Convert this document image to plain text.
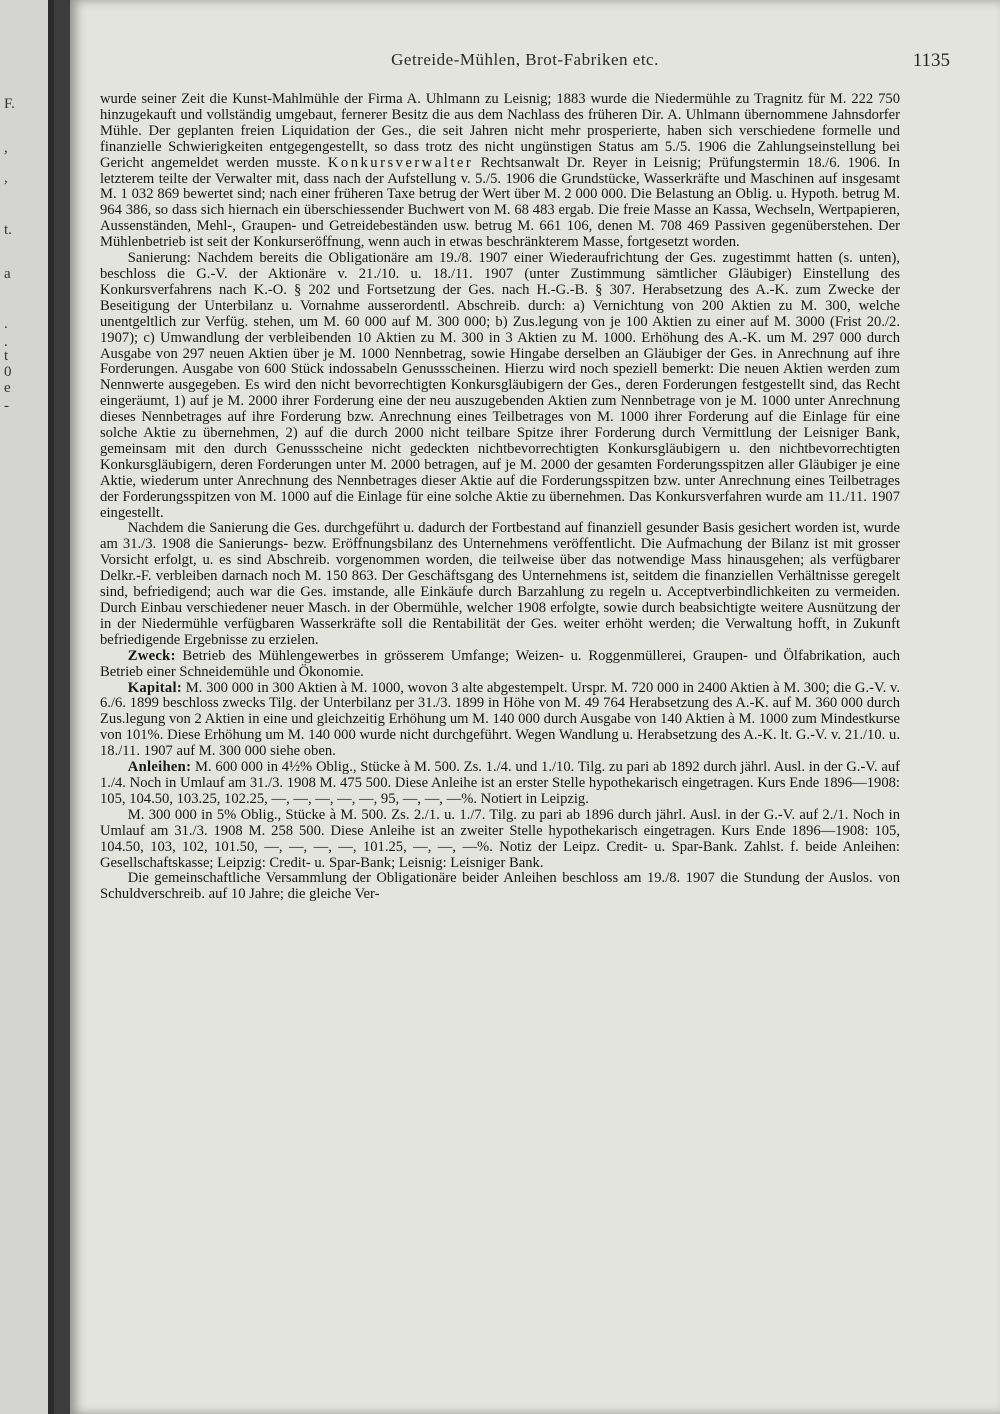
F.
,
,
t.
a
.
.
t
0
e
-
Getreide-Mühlen, Brot-Fabriken etc.	1135

wurde seiner Zeit die Kunst-Mahlmühle der Firma A. Uhlmann zu Leisnig; 1883 wurde die Niedermühle zu Tragnitz für M. 222 750 hinzugekauft und vollständig umgebaut, fernerer Besitz die aus dem Nachlass des früheren Dir. A. Uhlmann übernommene Jahnsdorfer Mühle. Der geplanten freien Liquidation der Ges., die seit Jahren nicht mehr prosperierte, haben sich verschiedene formelle und finanzielle Schwierigkeiten entgegengestellt, so dass trotz des nicht ungünstigen Status am 5./5. 1906 die Zahlungseinstellung bei Gericht angemeldet werden musste. Konkursverwalter Rechtsanwalt Dr. Reyer in Leisnig; Prüfungstermin 18./6. 1906. In letzterem teilte der Verwalter mit, dass nach der Aufstellung v. 5./5. 1906 die Grundstücke, Wasserkräfte und Maschinen auf insgesamt M. 1 032 869 bewertet sind; nach einer früheren Taxe betrug der Wert über M. 2 000 000. Die Belastung an Oblig. u. Hypoth. betrug M. 964 386, so dass sich hiernach ein überschiessender Buchwert von M. 68 483 ergab. Die freie Masse an Kassa, Wechseln, Wertpapieren, Aussenständen, Mehl-, Graupen- und Getreidebeständen usw. betrug M. 661 106, denen M. 708 469 Passiven gegenüberstehen. Der Mühlenbetrieb ist seit der Konkurseröffnung, wenn auch in etwas beschränkterem Masse, fortgesetzt worden.

Sanierung: Nachdem bereits die Obligationäre am 19./8. 1907 einer Wiederaufrichtung der Ges. zugestimmt hatten (s. unten), beschloss die G.-V. der Aktionäre v. 21./10. u. 18./11. 1907 (unter Zustimmung sämtlicher Gläubiger) Einstellung des Konkursverfahrens nach K.-O. § 202 und Fortsetzung der Ges. nach H.-G.-B. § 307. Herabsetzung des A.-K. zum Zwecke der Beseitigung der Unterbilanz u. Vornahme ausserordentl. Abschreib. durch: a) Vernichtung von 200 Aktien zu M. 300, welche unentgeltlich zur Verfüg. stehen, um M. 60 000 auf M. 300 000; b) Zus.legung von je 100 Aktien zu einer auf M. 3000 (Frist 20./2. 1907); c) Umwandlung der verbleibenden 10 Aktien zu M. 300 in 3 Aktien zu M. 1000. Erhöhung des A.-K. um M. 297 000 durch Ausgabe von 297 neuen Aktien über je M. 1000 Nennbetrag, sowie Hingabe derselben an Gläubiger der Ges. in Anrechnung auf ihre Forderungen. Ausgabe von 600 Stück indossabeln Genussscheinen. Hierzu wird noch speziell bemerkt: Die neuen Aktien werden zum Nennwerte ausgegeben. Es wird den nicht bevorrechtigten Konkursgläubigern der Ges., deren Forderungen festgestellt sind, das Recht eingeräumt, 1) auf je M. 2000 ihrer Forderung eine der neu auszugebenden Aktien zum Nennbetrage von je M. 1000 unter Anrechnung dieses Nennbetrages auf ihre Forderung bzw. Anrechnung eines Teilbetrages von M. 1000 ihrer Forderung auf die Einlage für eine solche Aktie zu übernehmen, 2) auf die durch 2000 nicht teilbare Spitze ihrer Forderung durch Vermittlung der Leisniger Bank, gemeinsam mit den durch Genussscheine nicht gedeckten nichtbevorrechtigten Konkursgläubigern u. den nichtbevorrechtigten Konkursgläubigern, deren Forderungen unter M. 2000 betragen, auf je M. 2000 der gesamten Forderungsspitzen aller Gläubiger je eine Aktie, wiederum unter Anrechnung des Nennbetrages dieser Aktie auf die Forderungsspitzen bzw. unter Anrechnung eines Teilbetrages der Forderungsspitzen von M. 1000 auf die Einlage für eine solche Aktie zu übernehmen. Das Konkursverfahren wurde am 11./11. 1907 eingestellt.

Nachdem die Sanierung die Ges. durchgeführt u. dadurch der Fortbestand auf finanziell gesunder Basis gesichert worden ist, wurde am 31./3. 1908 die Sanierungs- bezw. Eröffnungsbilanz des Unternehmens veröffentlicht. Die Aufmachung der Bilanz ist mit grosser Vorsicht erfolgt, u. es sind Abschreib. vorgenommen worden, die teilweise über das notwendige Mass hinausgehen; als verfügbarer Delkr.-F. verbleiben darnach noch M. 150 863. Der Geschäftsgang des Unternehmens ist, seitdem die finanziellen Verhältnisse geregelt sind, befriedigend; auch war die Ges. imstande, alle Einkäufe durch Barzahlung zu regeln u. Acceptverbindlichkeiten zu vermeiden. Durch Einbau verschiedener neuer Masch. in der Obermühle, welcher 1908 erfolgte, sowie durch beabsichtigte weitere Ausnützung der in der Niedermühle verfügbaren Wasserkräfte soll die Rentabilität der Ges. weiter erhöht werden; die Verwaltung hofft, in Zukunft befriedigende Ergebnisse zu erzielen.

Zweck: Betrieb des Mühlengewerbes in grösserem Umfange; Weizen- u. Roggenmüllerei, Graupen- und Ölfabrikation, auch Betrieb einer Schneidemühle und Ökonomie.

Kapital: M. 300 000 in 300 Aktien à M. 1000, wovon 3 alte abgestempelt. Urspr. M. 720 000 in 2400 Aktien à M. 300; die G.-V. v. 6./6. 1899 beschloss zwecks Tilg. der Unterbilanz per 31./3. 1899 in Höhe von M. 49 764 Herabsetzung des A.-K. auf M. 360 000 durch Zus.legung von 2 Aktien in eine und gleichzeitig Erhöhung um M. 140 000 durch Ausgabe von 140 Aktien à M. 1000 zum Mindestkurse von 101%. Diese Erhöhung um M. 140 000 wurde nicht durchgeführt. Wegen Wandlung u. Herabsetzung des A.-K. lt. G.-V. v. 21./10. u. 18./11. 1907 auf M. 300 000 siehe oben.

Anleihen: M. 600 000 in 4½% Oblig., Stücke à M. 500. Zs. 1./4. und 1./10. Tilg. zu pari ab 1892 durch jährl. Ausl. in der G.-V. auf 1./4. Noch in Umlauf am 31./3. 1908 M. 475 500. Diese Anleihe ist an erster Stelle hypothekarisch eingetragen. Kurs Ende 1896—1908: 105, 104.50, 103.25, 102.25, —, —, —, —, —, 95, —, —, —%. Notiert in Leipzig.

M. 300 000 in 5% Oblig., Stücke à M. 500. Zs. 2./1. u. 1./7. Tilg. zu pari ab 1896 durch jährl. Ausl. in der G.-V. auf 2./1. Noch in Umlauf am 31./3. 1908 M. 258 500. Diese Anleihe ist an zweiter Stelle hypothekarisch eingetragen. Kurs Ende 1896—1908: 105, 104.50, 103, 102, 101.50, —, —, —, —, 101.25, —, —, —%. Notiz der Leipz. Credit- u. Spar-Bank. Zahlst. f. beide Anleihen: Gesellschaftskasse; Leipzig: Credit- u. Spar-Bank; Leisnig: Leisniger Bank.

Die gemeinschaftliche Versammlung der Obligationäre beider Anleihen beschloss am 19./8. 1907 die Stundung der Auslos. von Schuldverschreib. auf 10 Jahre; die gleiche Ver-
